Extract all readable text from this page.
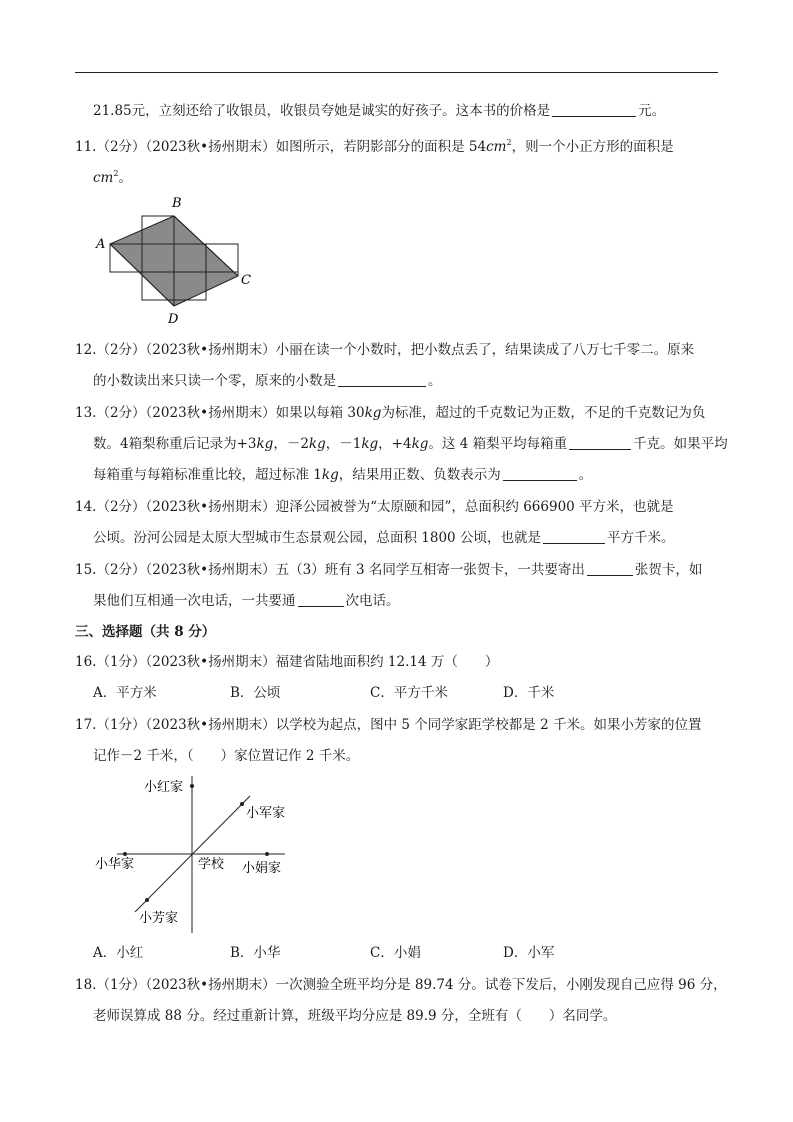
21.85元，立刻还给了收银员，收银员夸她是诚实的好孩子。这本书的价格是	元。
11.（2分）（2023秋•扬州期末）如图所示，若阴影部分的面积是 $54cm^2$，则一个小正方形的面积是
$cm^2$。
A
B
C
D
12.（2分）（2023秋•扬州期末）小丽在读一个小数时，把小数点丢了，结果读成了八万七千零二。原来
的小数读出来只读一个零，原来的小数是	。
13.（2分）（2023秋•扬州期末）如果以每箱 30kg为标准，超过的千克数记为正数，不足的千克数记为负
数。4箱梨称重后记录为+3kg，－2kg，－1kg，+4kg。这 4 箱梨平均每箱重	千克。如果平均
每箱重与每箱标准重比较，超过标准 1kg，结果用正数、负数表示为	。
14.（2分）（2023秋•扬州期末）迎泽公园被誉为“太原颐和园”，总面积约 666900 平方米，也就是
公顷。汾河公园是太原大型城市生态景观公园，总面积 1800 公顷，也就是	平方千米。
15.（2分）（2023秋•扬州期末）五（3）班有 3 名同学互相寄一张贺卡，一共要寄出	张贺卡，如
果他们互相通一次电话，一共要通	次电话。
三、选择题（共 8 分）
16.（1分）（2023秋•扬州期末）福建省陆地面积约 12.14 万（　　）
A．平方米	B．公顷	C．平方千米	D．千米
17.（1分）（2023秋•扬州期末）以学校为起点，图中 5 个同学家距学校都是 2 千米。如果小芳家的位置
记作－2 千米，（　　）家位置记作 2 千米。
小红家
小军家
小华家	学校 小娟家
小芳家
A．小红	B．小华	C．小娟	D．小军
18.（1分）（2023秋•扬州期末）一次测验全班平均分是 89.74 分。试卷下发后，小刚发现自己应得 96 分，
老师误算成 88 分。经过重新计算，班级平均分应是 89.9 分，全班有（　　）名同学。
